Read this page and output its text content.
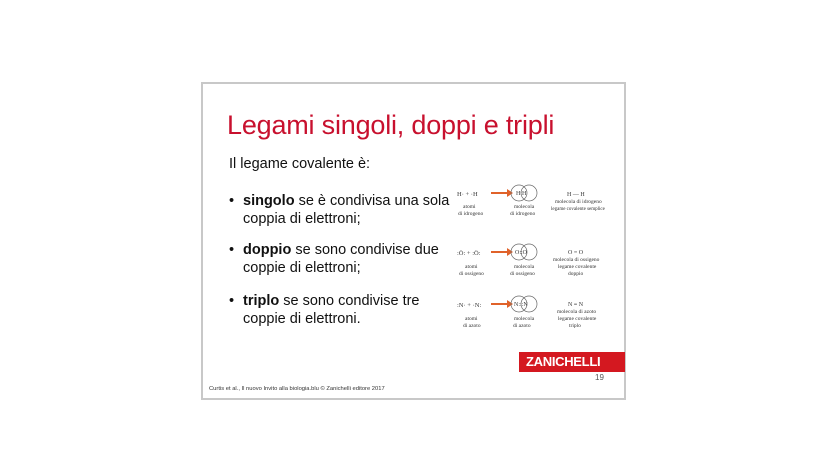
Legami singoli, doppi e tripli
Il legame covalente è:
• singolo se è condivisa una sola coppia di elettroni;
• doppio se sono condivise due coppie di elettroni;
• triplo se sono condivise tre coppie di elettroni.
H· + ·H
atomi
di idrogeno
H:H
molecola
di idrogeno
H — H
molecola di idrogeno
legame covalente semplice
:Ö: + :Ö:
atomi
di ossigeno
O::O
molecola
di ossigeno
O = O
molecola di ossigeno
legame covalente
doppio
:N· + ·N:
atomi
di azoto
N:::N
molecola
di azoto
N ≡ N
molecola di azoto
legame covalente
triplo
ZANICHELLI
19
Curtis et al., Il nuovo Invito alla biologia.blu © Zanichelli editore 2017
